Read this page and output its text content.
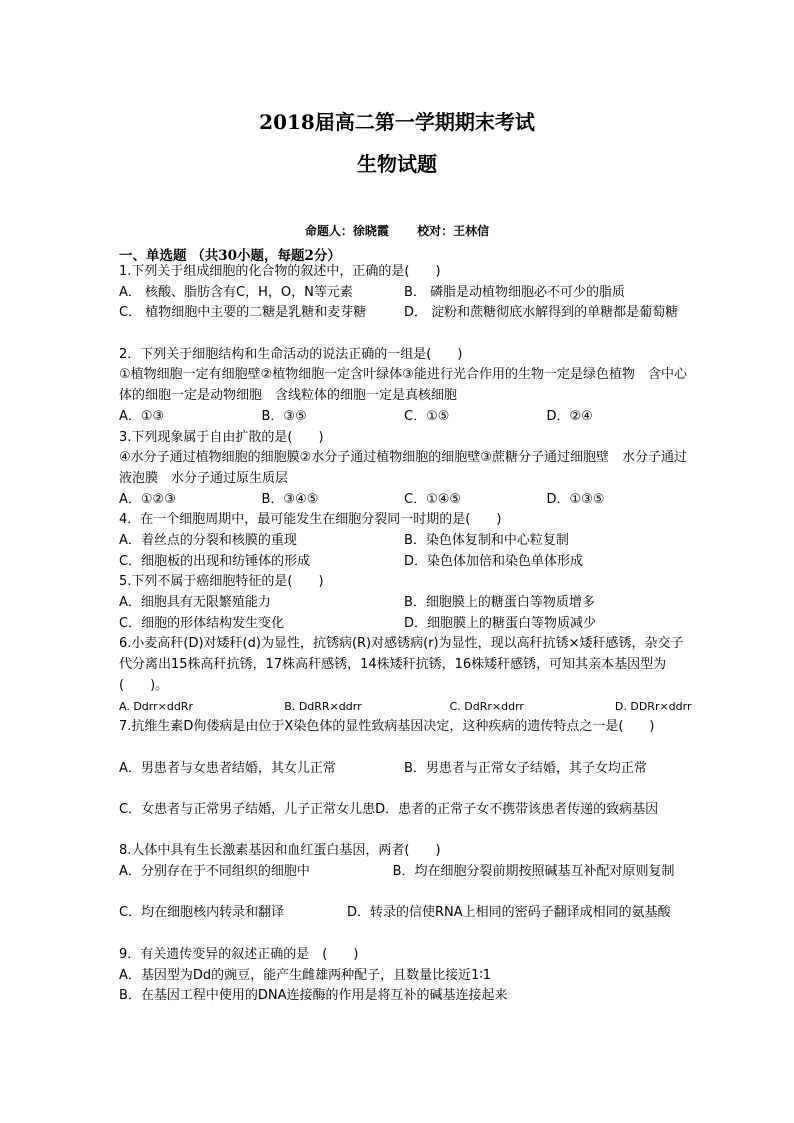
2018届高二第一学期期末考试
生物试题
命题人：徐晓霞 校对：王林信
一、单选题 （共30小题，每题2分）
1.下列关于组成细胞的化合物的叙述中，正确的是(　　)
A． 核酸、脂肪含有C，H，O，N等元素	B． 磷脂是动植物细胞必不可少的脂质
C． 植物细胞中主要的二糖是乳糖和麦芽糖	D． 淀粉和蔗糖彻底水解得到的单糖都是葡萄糖
2．下列关于细胞结构和生命活动的说法正确的一组是(　　)
①植物细胞一定有细胞壁②植物细胞一定含叶绿体③能进行光合作用的生物一定是绿色植物　含中心体的细胞一定是动物细胞　含线粒体的细胞一定是真核细胞
A．①③	B．③⑤	C．①⑤	D．②④
3.下列现象属于自由扩散的是(　　)
④水分子通过植物细胞的细胞膜②水分子通过植物细胞的细胞壁③蔗糖分子通过细胞壁　水分子通过液泡膜　水分子通过原生质层
A．①②③	B．③④⑤	C．①④⑤	D．①③⑤
4．在一个细胞周期中，最可能发生在细胞分裂同一时期的是(　　)
A．着丝点的分裂和核膜的重现	B．染色体复制和中心粒复制
C．细胞板的出现和纺锤体的形成	D．染色体加倍和染色单体形成
5.下列不属于癌细胞特征的是(　　)
A．细胞具有无限繁殖能力	B．细胞膜上的糖蛋白等物质增多
C．细胞的形体结构发生变化	D．细胞膜上的糖蛋白等物质减少
6.小麦高秆(D)对矮秆(d)为显性，抗锈病(R)对感锈病(r)为显性，现以高秆抗锈×矮秆感锈，杂交子代分离出15株高秆抗锈，17株高秆感锈，14株矮秆抗锈，16株矮秆感锈，可知其亲本基因型为(　　)。
A. Ddrr×ddRr	B. DdRR×ddrr	C. DdRr×ddrr	D. DDRr×ddrr
7.抗维生素D佝偻病是由位于X染色体的显性致病基因决定，这种疾病的遗传特点之一是(　　)
A．男患者与女患者结婚，其女儿正常	B．男患者与正常女子结婚，其子女均正常
C．女患者与正常男子结婚，儿子正常女儿患D．患者的正常子女不携带该患者传递的致病基因
8.人体中具有生长激素基因和血红蛋白基因，两者(　　)
A．分别存在于不同组织的细胞中	B．均在细胞分裂前期按照碱基互补配对原则复制
C．均在细胞核内转录和翻译	D．转录的信使RNA上相同的密码子翻译成相同的氨基酸
9．有关遗传变异的叙述正确的是　(　　)
A．基因型为Dd的豌豆，能产生雌雄两种配子，且数量比接近1∶1
B．在基因工程中使用的DNA连接酶的作用是将互补的碱基连接起来
